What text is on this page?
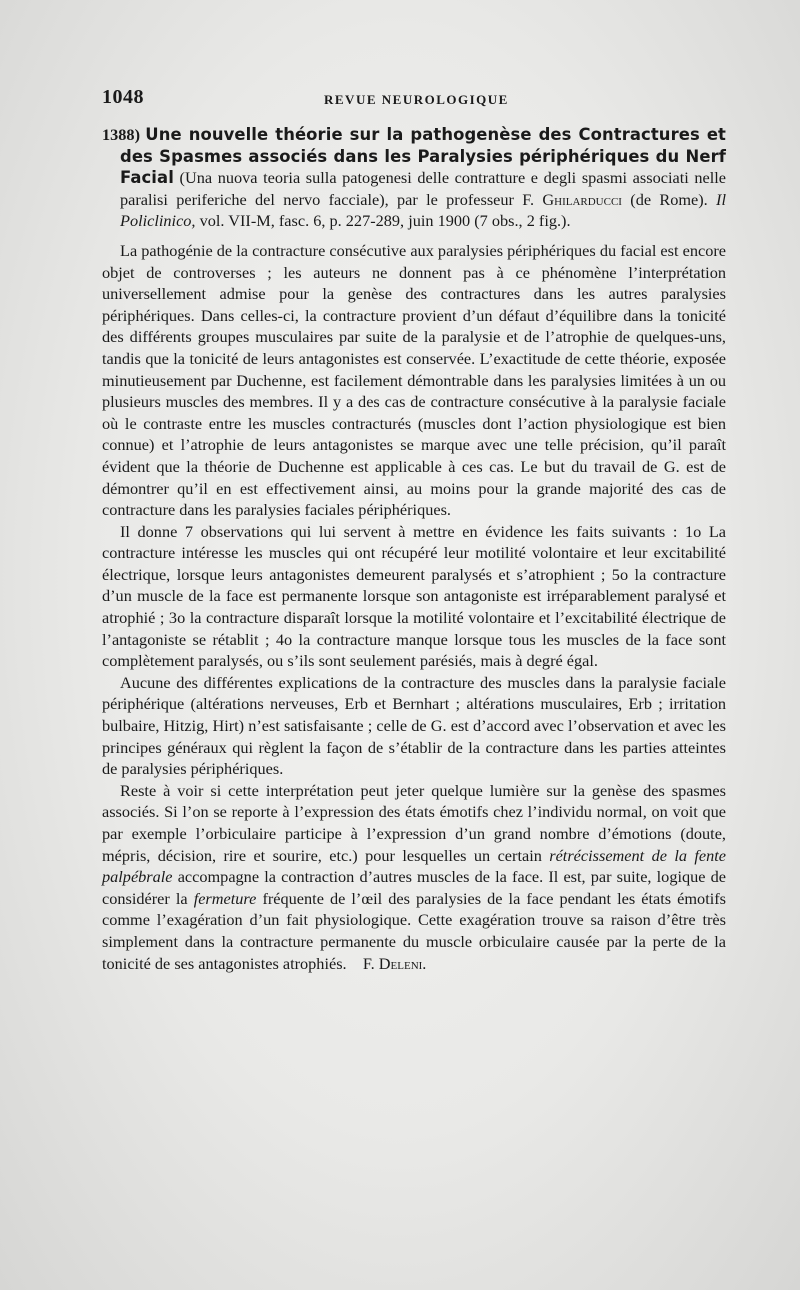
1048	REVUE NEUROLOGIQUE

1388) Une nouvelle théorie sur la pathogenèse des Contractures et des Spasmes associés dans les Paralysies périphériques du Nerf Facial (Una nuova teoria sulla patogenesi delle contratture e degli spasmi associati nelle paralisi periferiche del nervo facciale), par le professeur F. Ghilarducci (de Rome). Il Policlinico, vol. VII-M, fasc. 6, p. 227-289, juin 1900 (7 obs., 2 fig.).

La pathogénie de la contracture consécutive aux paralysies périphériques du facial est encore objet de controverses ; les auteurs ne donnent pas à ce phénomène l’interprétation universellement admise pour la genèse des contractures dans les autres paralysies périphériques. Dans celles-ci, la contracture provient d’un défaut d’équilibre dans la tonicité des différents groupes musculaires par suite de la paralysie et de l’atrophie de quelques-uns, tandis que la tonicité de leurs antagonistes est conservée. L’exactitude de cette théorie, exposée minutieusement par Duchenne, est facilement démontrable dans les paralysies limitées à un ou plusieurs muscles des membres. Il y a des cas de contracture consécutive à la paralysie faciale où le contraste entre les muscles contracturés (muscles dont l’action physiologique est bien connue) et l’atrophie de leurs antagonistes se marque avec une telle précision, qu’il paraît évident que la théorie de Duchenne est applicable à ces cas. Le but du travail de G. est de démontrer qu’il en est effectivement ainsi, au moins pour la grande majorité des cas de contracture dans les paralysies faciales périphériques.

Il donne 7 observations qui lui servent à mettre en évidence les faits suivants : 1o La contracture intéresse les muscles qui ont récupéré leur motilité volontaire et leur excitabilité électrique, lorsque leurs antagonistes demeurent paralysés et s’atrophient ; 5o la contracture d’un muscle de la face est permanente lorsque son antagoniste est irréparablement paralysé et atrophié ; 3o la contracture disparaît lorsque la motilité volontaire et l’excitabilité électrique de l’antagoniste se rétablit ; 4o la contracture manque lorsque tous les muscles de la face sont complètement paralysés, ou s’ils sont seulement parésiés, mais à degré égal.

Aucune des différentes explications de la contracture des muscles dans la paralysie faciale périphérique (altérations nerveuses, Erb et Bernhart ; altérations musculaires, Erb ; irritation bulbaire, Hitzig, Hirt) n’est satisfaisante ; celle de G. est d’accord avec l’observation et avec les principes généraux qui règlent la façon de s’établir de la contracture dans les parties atteintes de paralysies périphériques.

Reste à voir si cette interprétation peut jeter quelque lumière sur la genèse des spasmes associés. Si l’on se reporte à l’expression des états émotifs chez l’individu normal, on voit que par exemple l’orbiculaire participe à l’expression d’un grand nombre d’émotions (doute, mépris, décision, rire et sourire, etc.) pour lesquelles un certain rétrécissement de la fente palpébrale accompagne la contraction d’autres muscles de la face. Il est, par suite, logique de considérer la fermeture fréquente de l’œil des paralysies de la face pendant les états émotifs comme l’exagération d’un fait physiologique. Cette exagération trouve sa raison d’être très simplement dans la contracture permanente du muscle orbiculaire causée par la perte de la tonicité de ses antagonistes atrophiés. F. Deleni.
